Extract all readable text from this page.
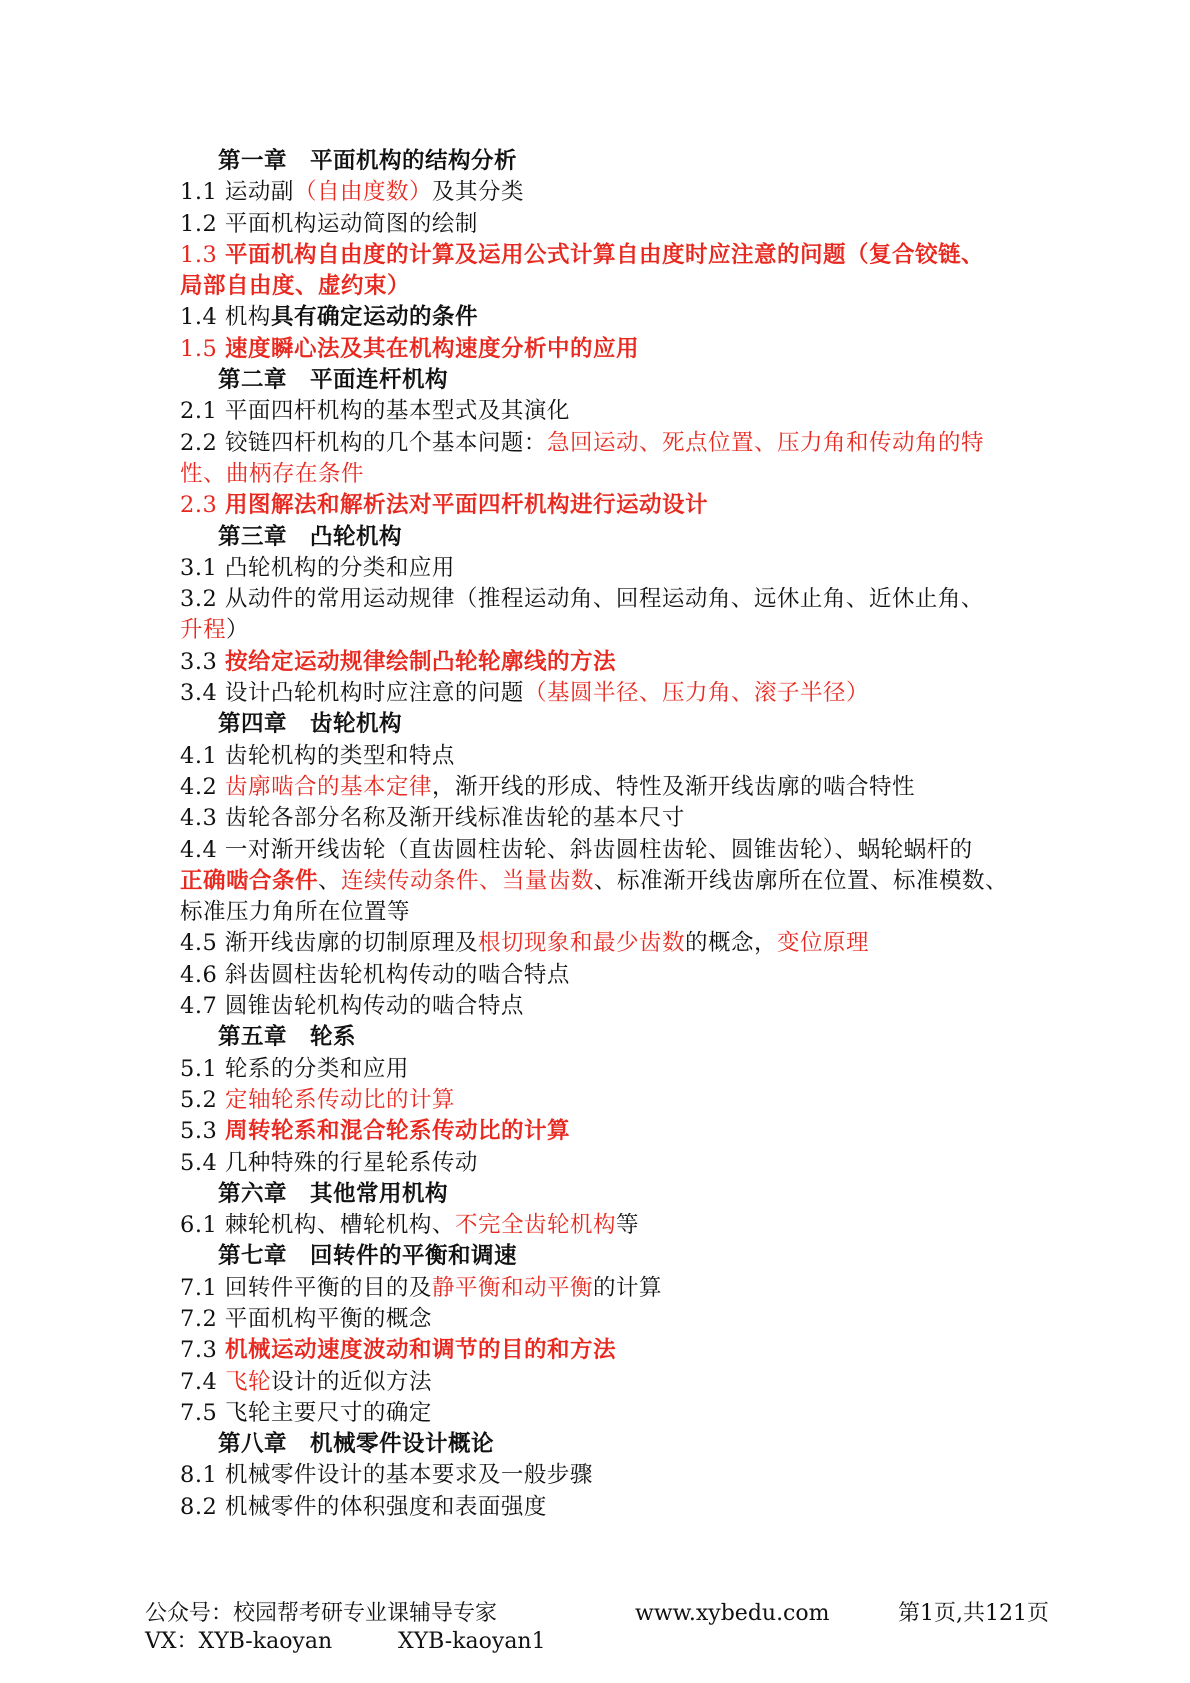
第一章　平面机构的结构分析
1.1 运动副（自由度数）及其分类
1.2 平面机构运动简图的绘制
1.3 平面机构自由度的计算及运用公式计算自由度时应注意的问题（复合铰链、
局部自由度、虚约束）
1.4 机构具有确定运动的条件
1.5 速度瞬心法及其在机构速度分析中的应用
第二章　平面连杆机构
2.1 平面四杆机构的基本型式及其演化
2.2 铰链四杆机构的几个基本问题：急回运动、死点位置、压力角和传动角的特
性、曲柄存在条件
2.3 用图解法和解析法对平面四杆机构进行运动设计
第三章　凸轮机构
3.1 凸轮机构的分类和应用
3.2 从动件的常用运动规律（推程运动角、回程运动角、远休止角、近休止角、
升程）
3.3 按给定运动规律绘制凸轮轮廓线的方法
3.4 设计凸轮机构时应注意的问题（基圆半径、压力角、滚子半径）
第四章　齿轮机构
4.1 齿轮机构的类型和特点
4.2 齿廓啮合的基本定律，渐开线的形成、特性及渐开线齿廓的啮合特性
4.3 齿轮各部分名称及渐开线标准齿轮的基本尺寸
4.4 一对渐开线齿轮（直齿圆柱齿轮、斜齿圆柱齿轮、圆锥齿轮）、蜗轮蜗杆的
正确啮合条件、连续传动条件、当量齿数、标准渐开线齿廓所在位置、标准模数、
标准压力角所在位置等
4.5 渐开线齿廓的切制原理及根切现象和最少齿数的概念，变位原理
4.6 斜齿圆柱齿轮机构传动的啮合特点
4.7 圆锥齿轮机构传动的啮合特点
第五章　轮系
5.1 轮系的分类和应用
5.2 定轴轮系传动比的计算
5.3 周转轮系和混合轮系传动比的计算
5.4 几种特殊的行星轮系传动
第六章　其他常用机构
6.1 棘轮机构、槽轮机构、不完全齿轮机构等
第七章　回转件的平衡和调速
7.1 回转件平衡的目的及静平衡和动平衡的计算
7.2 平面机构平衡的概念
7.3 机械运动速度波动和调节的目的和方法
7.4 飞轮设计的近似方法
7.5 飞轮主要尺寸的确定
第八章　机械零件设计概论
8.1 机械零件设计的基本要求及一般步骤
8.2 机械零件的体积强度和表面强度
公众号：校园帮考研专业课辅导专家	www.xybedu.com	第1页,共121页
VX：XYB-kaoyan	XYB-kaoyan1
